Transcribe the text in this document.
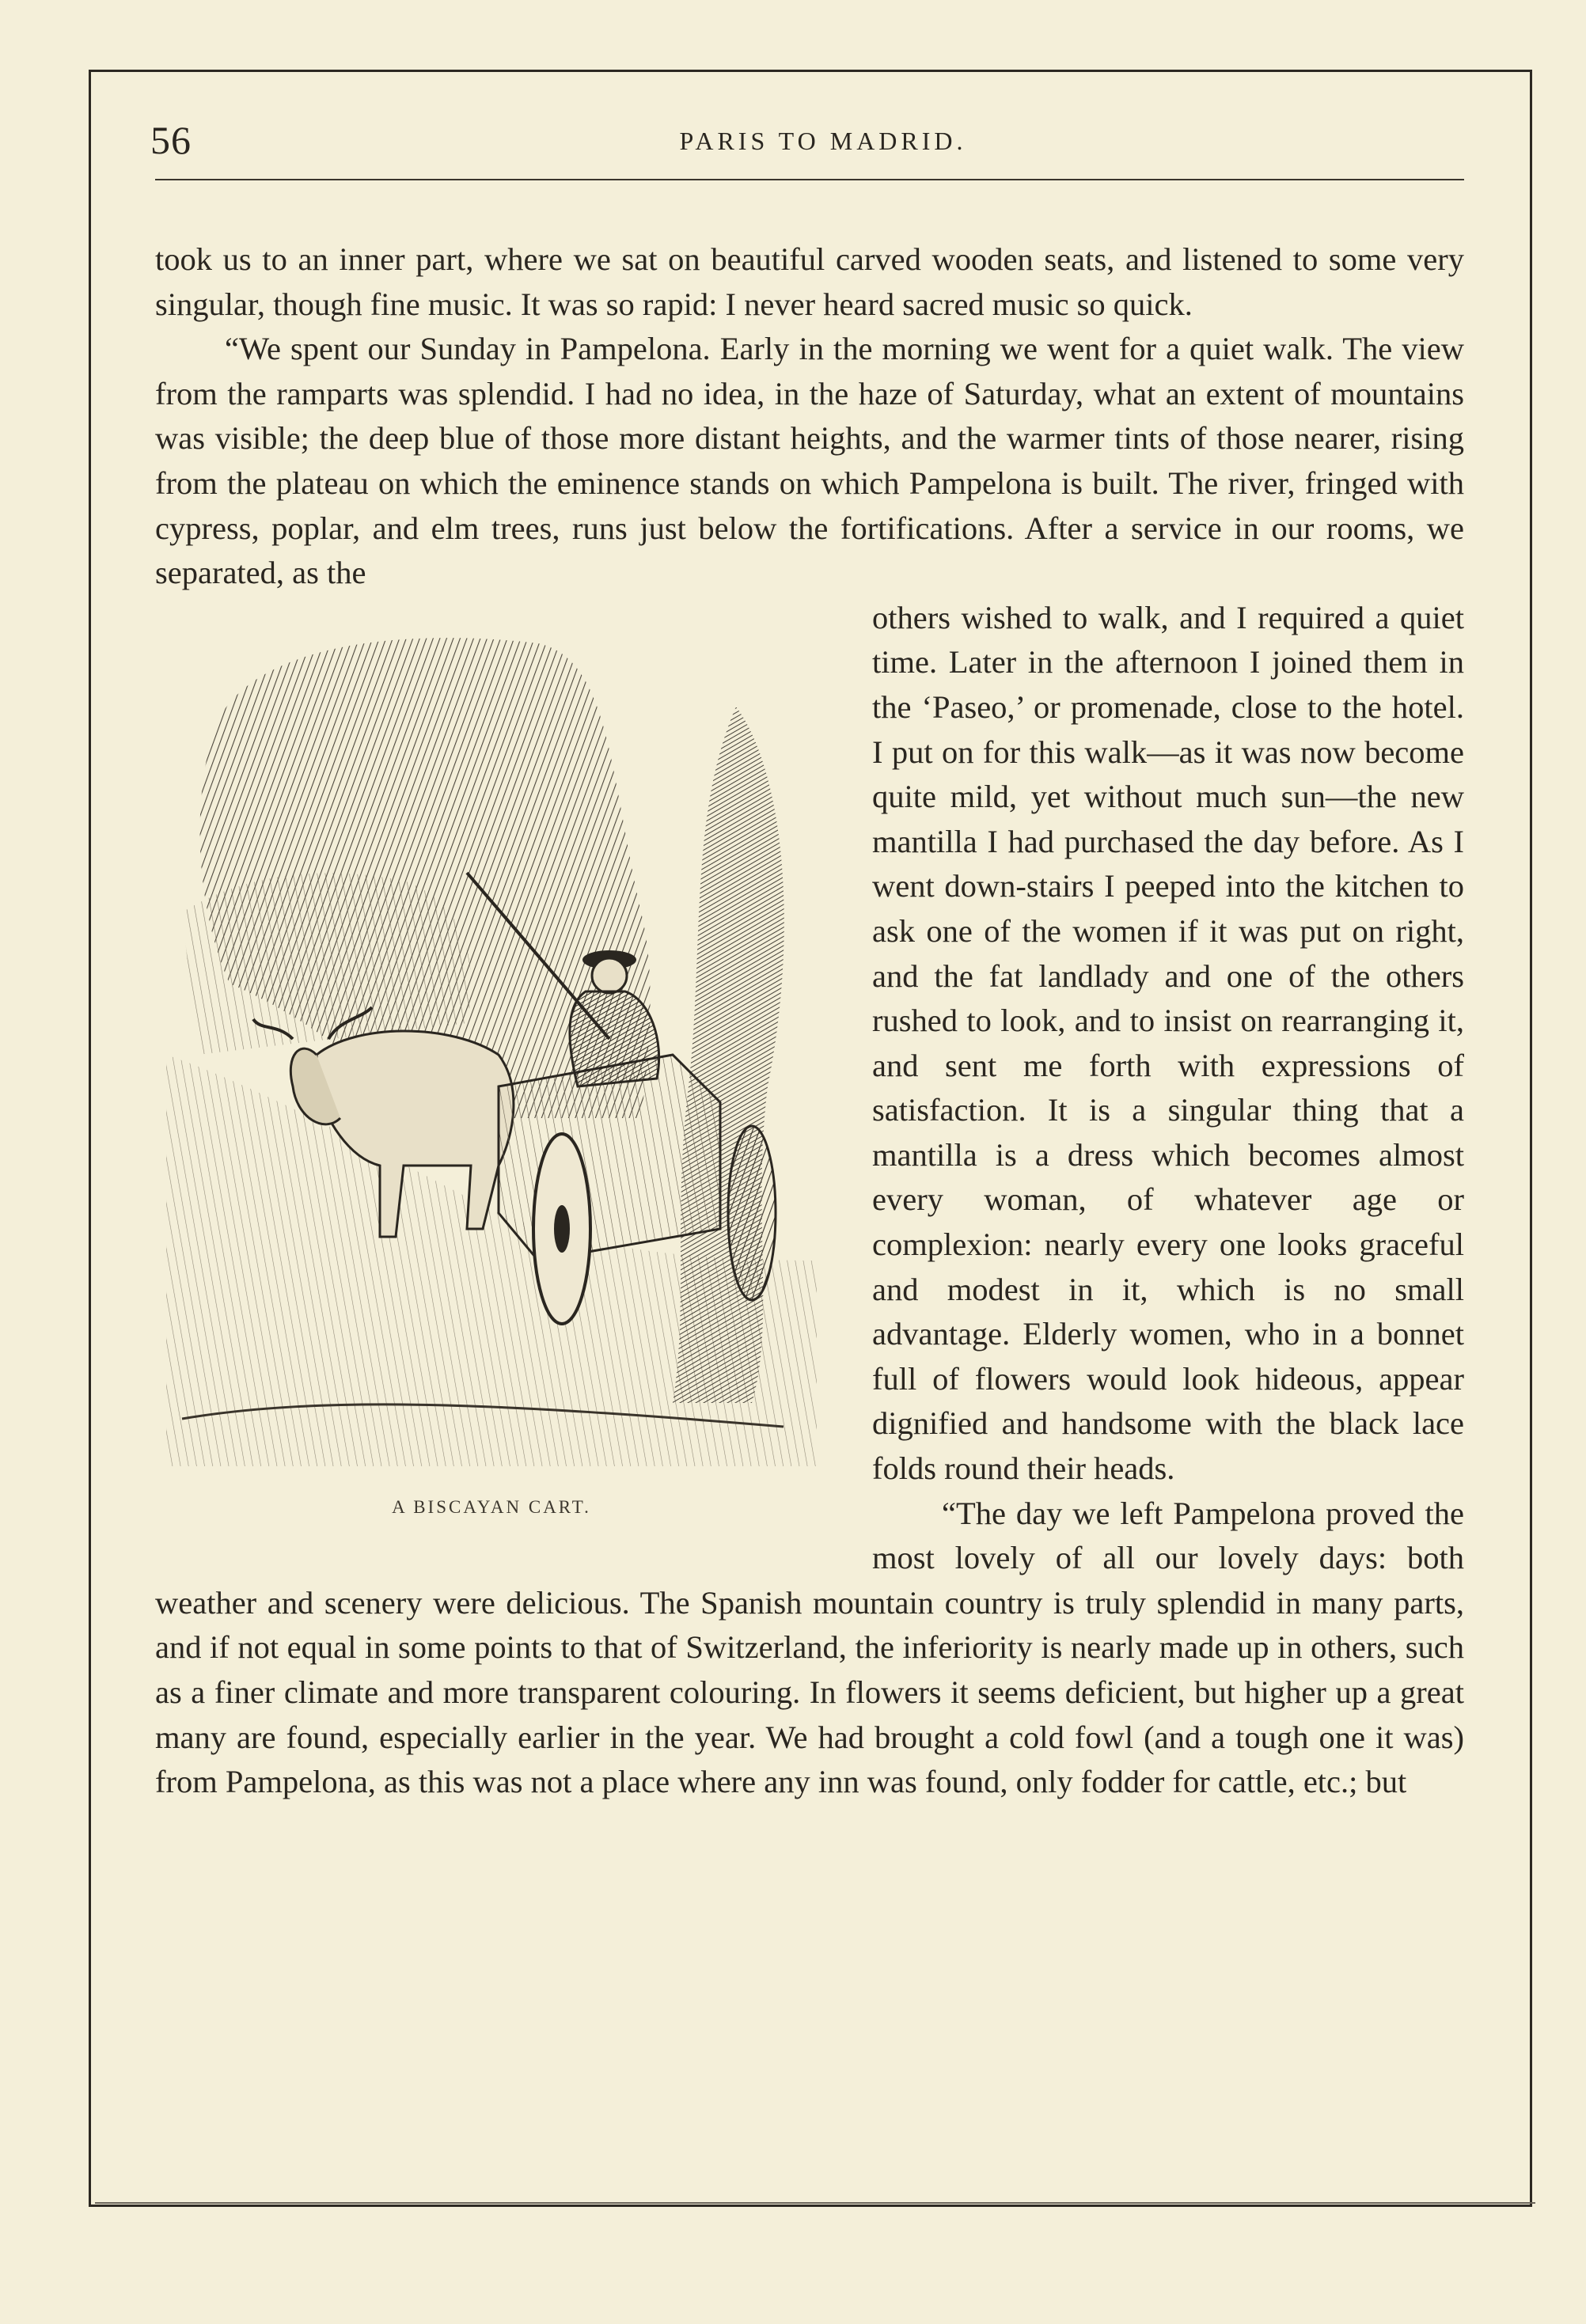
56	PARIS TO MADRID.

took us to an inner part, where we sat on beautiful carved wooden seats, and listened to some very singular, though fine music. It was so rapid: I never heard sacred music so quick.

“We spent our Sunday in Pampelona. Early in the morning we went for a quiet walk. The view from the ramparts was splendid. I had no idea, in the haze of Saturday, what an extent of mountains was visible; the deep blue of those more distant heights, and the warmer tints of those nearer, rising from the plateau on which the eminence stands on which Pampelona is built. The river, fringed with cypress, poplar, and elm trees, runs just below the fortifications. After a service in our rooms, we separated, as the

A BISCAYAN CART.

others wished to walk, and I required a quiet time. Later in the afternoon I joined them in the ‘Paseo,’ or promenade, close to the hotel. I put on for this walk—as it was now become quite mild, yet without much sun—the new mantilla I had purchased the day before. As I went down-stairs I peeped into the kitchen to ask one of the women if it was put on right, and the fat landlady and one of the others rushed to look, and to insist on rearranging it, and sent me forth with expressions of satisfaction. It is a singular thing that a mantilla is a dress which becomes almost every woman, of whatever age or complexion: nearly every one looks graceful and modest in it, which is no small advantage. Elderly women, who in a bonnet full of flowers would look hideous, appear dignified and handsome with the black lace folds round their heads.

“The day we left Pampelona proved the most lovely of all our lovely days: both weather and scenery were delicious. The Spanish mountain country is truly splendid in many parts, and if not equal in some points to that of Switzerland, the inferiority is nearly made up in others, such as a finer climate and more transparent colouring. In flowers it seems deficient, but higher up a great many are found, especially earlier in the year. We had brought a cold fowl (and a tough one it was) from Pampelona, as this was not a place where any inn was found, only fodder for cattle, etc.; but
